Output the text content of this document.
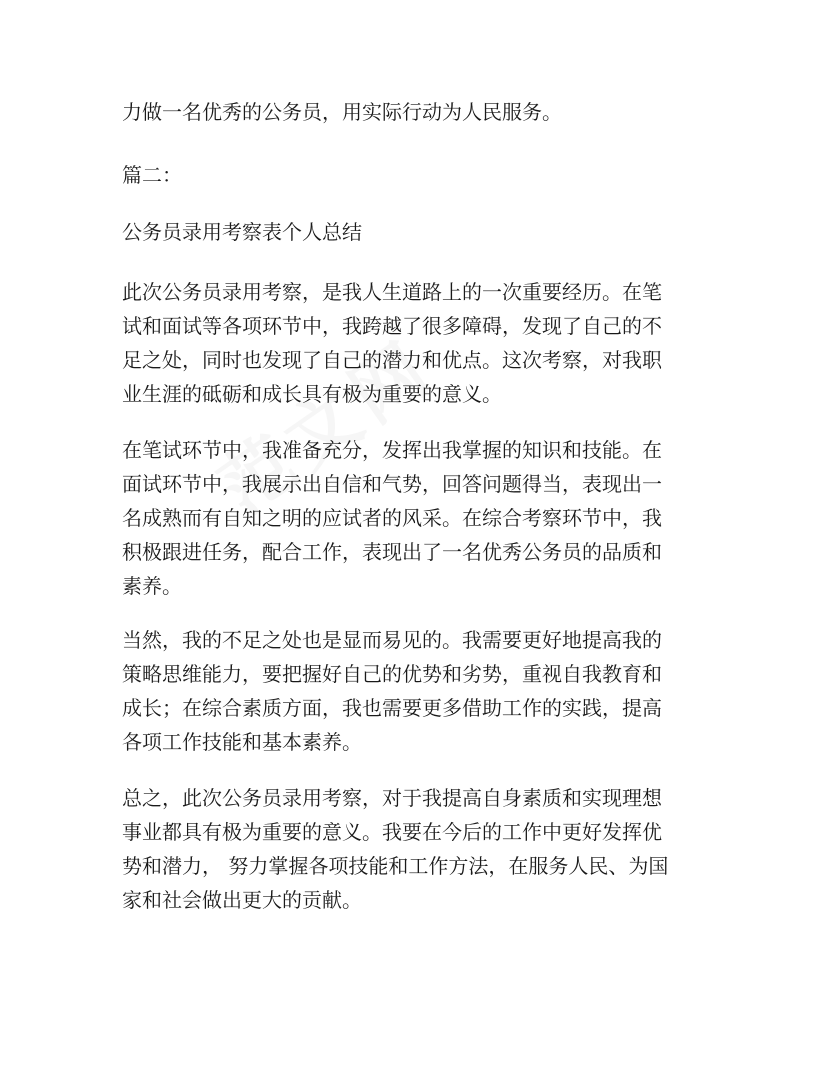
力做一名优秀的公务员，用实际行动为人民服务。

篇二：

公务员录用考察表个人总结

此次公务员录用考察，是我人生道路上的一次重要经历。在笔
试和面试等各项环节中，我跨越了很多障碍，发现了自己的不
足之处，同时也发现了自己的潜力和优点。这次考察，对我职
业生涯的砥砺和成长具有极为重要的意义。

在笔试环节中，我准备充分，发挥出我掌握的知识和技能。在
面试环节中，我展示出自信和气势，回答问题得当，表现出一
名成熟而有自知之明的应试者的风采。在综合考察环节中，我
积极跟进任务，配合工作，表现出了一名优秀公务员的品质和
素养。

当然，我的不足之处也是显而易见的。我需要更好地提高我的
策略思维能力，要把握好自己的优势和劣势，重视自我教育和
成长；在综合素质方面，我也需要更多借助工作的实践，提高
各项工作技能和基本素养。

总之，此次公务员录用考察，对于我提高自身素质和实现理想
事业都具有极为重要的意义。我要在今后的工作中更好发挥优
势和潜力， 努力掌握各项技能和工作方法，在服务人民、为国
家和社会做出更大的贡献。
